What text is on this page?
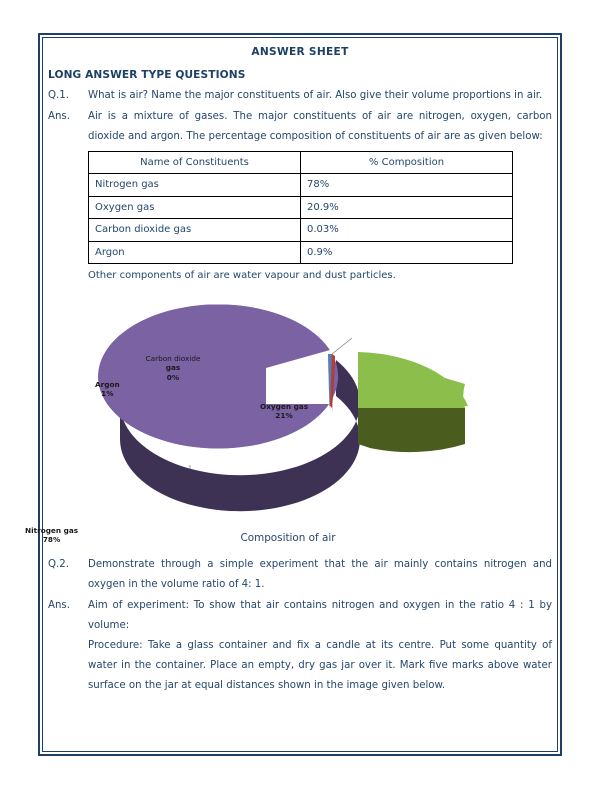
ANSWER SHEET
LONG ANSWER TYPE QUESTIONS
Q.1.	What is air? Name the major constituents of air. Also give their volume proportions in air.
Ans.	Air is a mixture of gases. The major constituents of air are nitrogen, oxygen, carbon dioxide and argon. The percentage composition of constituents of air are as given below:

Name of Constituents	% Composition
Nitrogen gas	78%
Oxygen gas	20.9%
Carbon dioxide gas	0.03%
Argon	0.9%

Other components of air are water vapour and dust particles.

Carbon dioxide
gas
0%
Argon
1%
Oxygen gas
21%
Nitrogen gas
78%	Composition of air
Q.2.	Demonstrate through a simple experiment that the air mainly contains nitrogen and oxygen in the volume ratio of 4: 1.
Ans.	Aim of experiment: To show that air contains nitrogen and oxygen in the ratio 4 : 1 by volume:

Procedure: Take a glass container and fix a candle at its centre. Put some quantity of water in the container. Place an empty, dry gas jar over it. Mark five marks above water surface on the jar at equal distances shown in the image given below.
